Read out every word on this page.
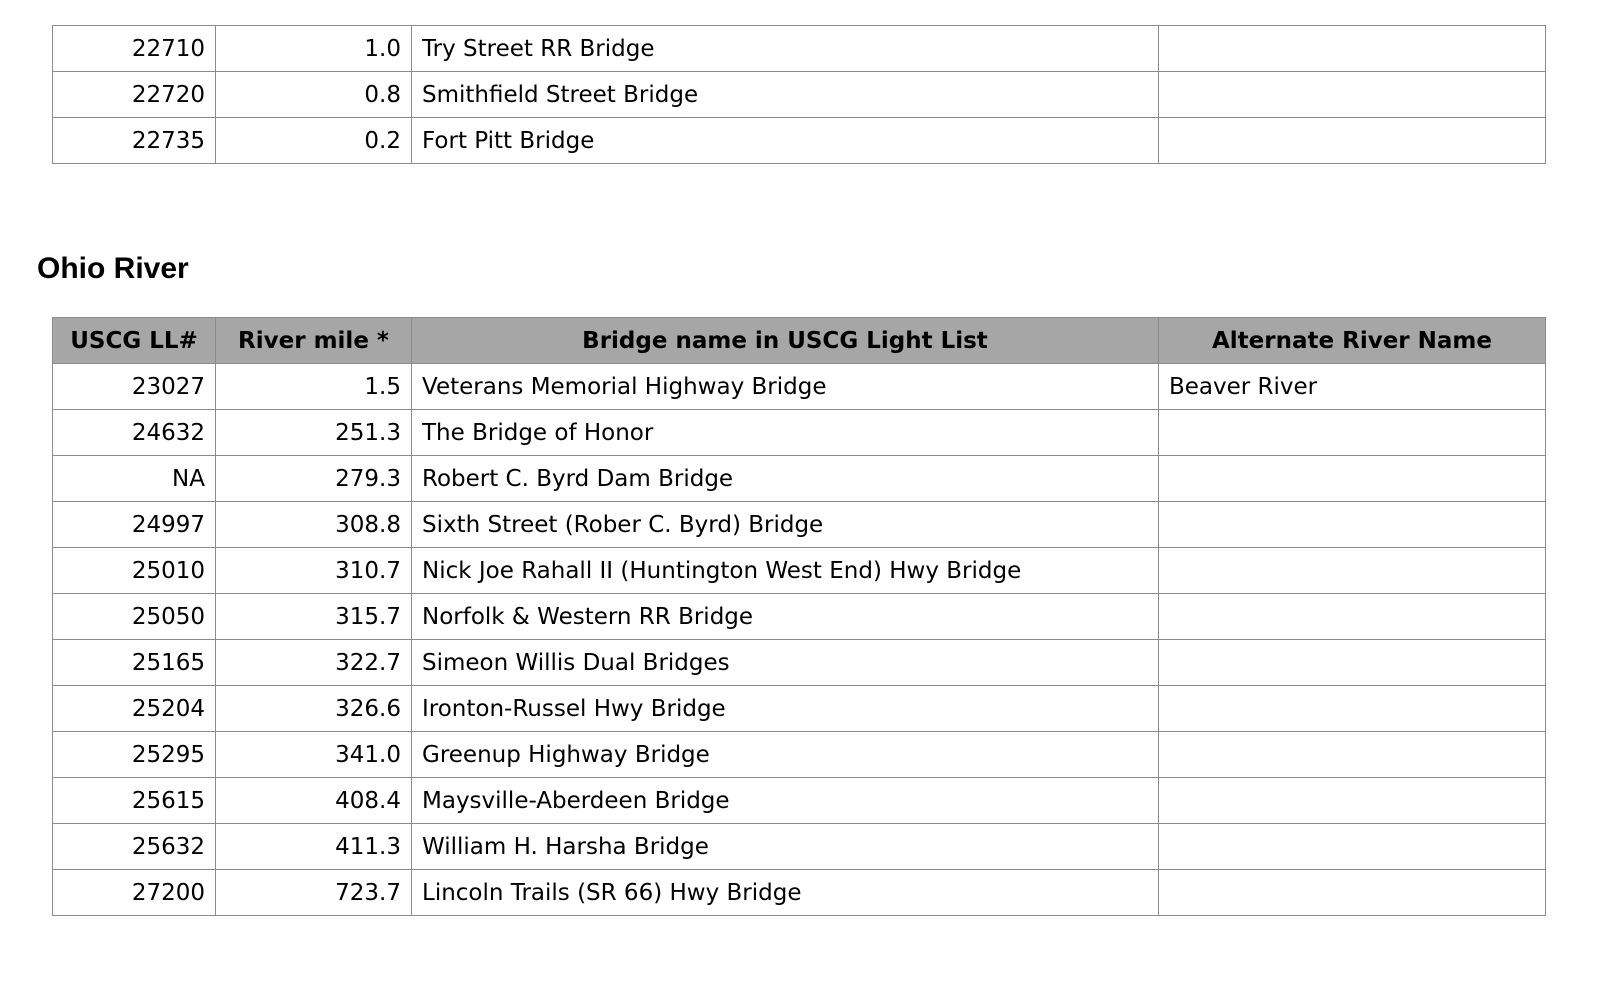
22710	1.0	Try Street RR Bridge	
22720	0.8	Smithfield Street Bridge	
22735	0.2	Fort Pitt Bridge	
Ohio River
USCG LL#	River mile *	Bridge name in USCG Light List	Alternate River Name
23027	1.5	Veterans Memorial Highway Bridge	Beaver River
24632	251.3	The Bridge of Honor	
NA	279.3	Robert C. Byrd Dam Bridge	
24997	308.8	Sixth Street (Rober C. Byrd) Bridge	
25010	310.7	Nick Joe Rahall II (Huntington West End) Hwy Bridge	
25050	315.7	Norfolk & Western RR Bridge	
25165	322.7	Simeon Willis Dual Bridges	
25204	326.6	Ironton-Russel Hwy Bridge	
25295	341.0	Greenup Highway Bridge	
25615	408.4	Maysville-Aberdeen Bridge	
25632	411.3	William H. Harsha Bridge	
27200	723.7	Lincoln Trails (SR 66) Hwy Bridge	
